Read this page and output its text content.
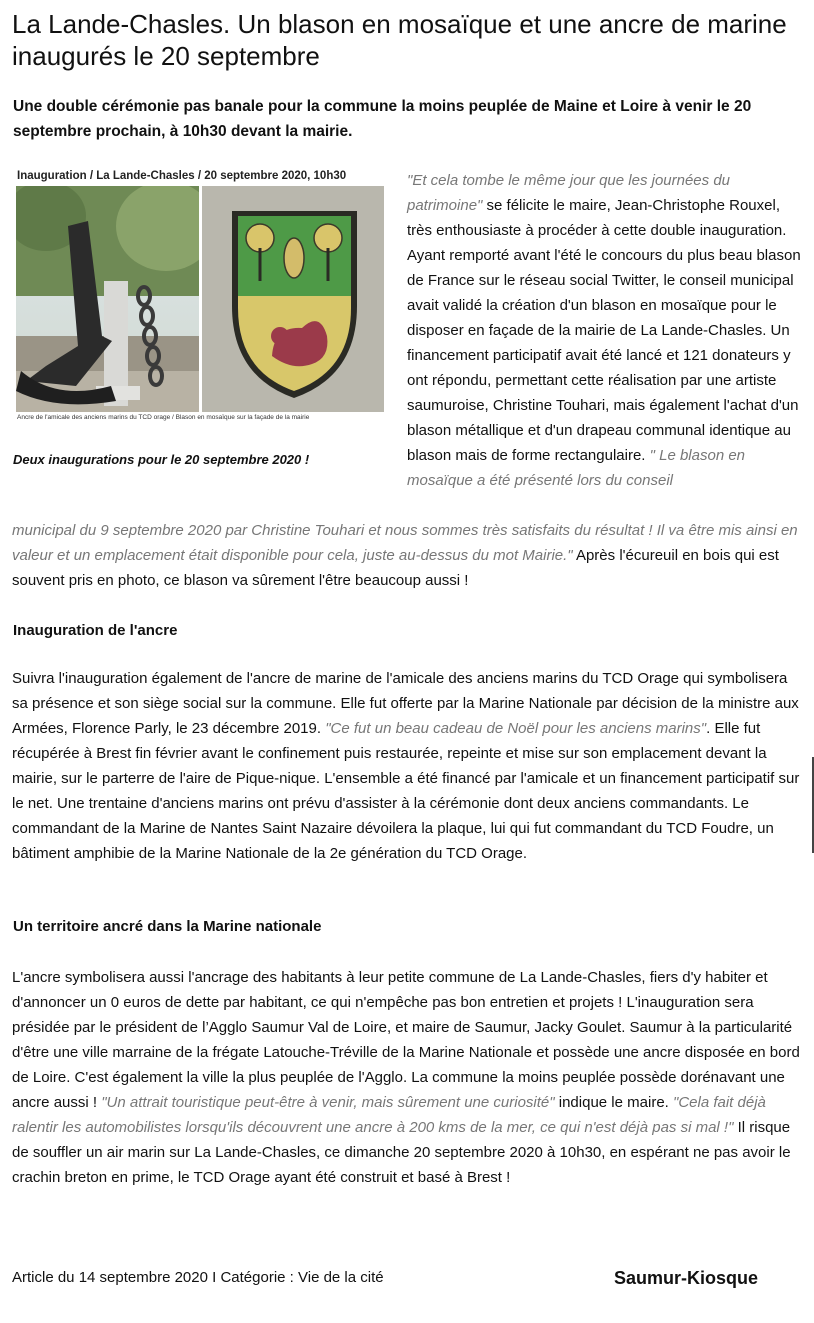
La Lande-Chasles. Un blason en mosaïque et une ancre de marine inaugurés le 20 septembre

Une double cérémonie pas banale pour la commune la moins peuplée de Maine et Loire à venir le 20 septembre prochain, à 10h30 devant la mairie.

Inauguration / La Lande-Chasles / 20 septembre 2020, 10h30
Ancre de l'amicale des anciens marins du TCD orage / Blason en mosaïque sur la façade de la mairie
Deux inaugurations pour le 20 septembre 2020 !

"Et cela tombe le même jour que les journées du patrimoine" se félicite le maire, Jean-Christophe Rouxel, très enthousiaste à procéder à cette double inauguration. Ayant remporté avant l'été le concours du plus beau blason de France sur le réseau social Twitter, le conseil municipal avait validé la création d'un blason en mosaïque pour le disposer en façade de la mairie de La Lande-Chasles. Un financement participatif avait été lancé et 121 donateurs y ont répondu, permettant cette réalisation par une artiste saumuroise, Christine Touhari, mais également l'achat d'un blason métallique et d'un drapeau communal identique au blason mais de forme rectangulaire. " Le blason en mosaïque a été présenté lors du conseil

municipal du 9 septembre 2020 par Christine Touhari et nous sommes très satisfaits du résultat ! Il va être mis ainsi en valeur et un emplacement était disponible pour cela, juste au-dessus du mot Mairie." Après l'écureuil en bois qui est souvent pris en photo, ce blason va sûrement l'être beaucoup aussi !

Inauguration de l'ancre

Suivra l'inauguration également de l'ancre de marine de l'amicale des anciens marins du TCD Orage qui symbolisera sa présence et son siège social sur la commune. Elle fut offerte par la Marine Nationale par décision de la ministre aux Armées, Florence Parly, le 23 décembre 2019. "Ce fut un beau cadeau de Noël pour les anciens marins". Elle fut récupérée à Brest fin février avant le confinement puis restaurée, repeinte et mise sur son emplacement devant la mairie, sur le parterre de l'aire de Pique-nique. L'ensemble a été financé par l'amicale et un financement participatif sur le net. Une trentaine d'anciens marins ont prévu d'assister à la cérémonie dont deux anciens commandants. Le commandant de la Marine de Nantes Saint Nazaire dévoilera la plaque, lui qui fut commandant du TCD Foudre, un bâtiment amphibie de la Marine Nationale de la 2e génération du TCD Orage.

Un territoire ancré dans la Marine nationale

L'ancre symbolisera aussi l'ancrage des habitants à leur petite commune de La Lande-Chasles, fiers d'y habiter et d'annoncer un 0 euros de dette par habitant, ce qui n'empêche pas bon entretien et projets ! L'inauguration sera présidée par le président de l’Agglo Saumur Val de Loire, et maire de Saumur, Jacky Goulet. Saumur à la particularité d'être une ville marraine de la frégate Latouche-Tréville de la Marine Nationale et possède une ancre disposée en bord de Loire. C'est également la ville la plus peuplée de l'Agglo. La commune la moins peuplée possède dorénavant une ancre aussi ! "Un attrait touristique peut-être à venir, mais sûrement une curiosité" indique le maire. "Cela fait déjà ralentir les automobilistes lorsqu'ils découvrent une ancre à 200 kms de la mer, ce qui n'est déjà pas si mal !" Il risque de souffler un air marin sur La Lande-Chasles, ce dimanche 20 septembre 2020 à 10h30, en espérant ne pas avoir le crachin breton en prime, le TCD Orage ayant été construit et basé à Brest !

Article du 14 septembre 2020 I Catégorie : Vie de la cité	Saumur-Kiosque
